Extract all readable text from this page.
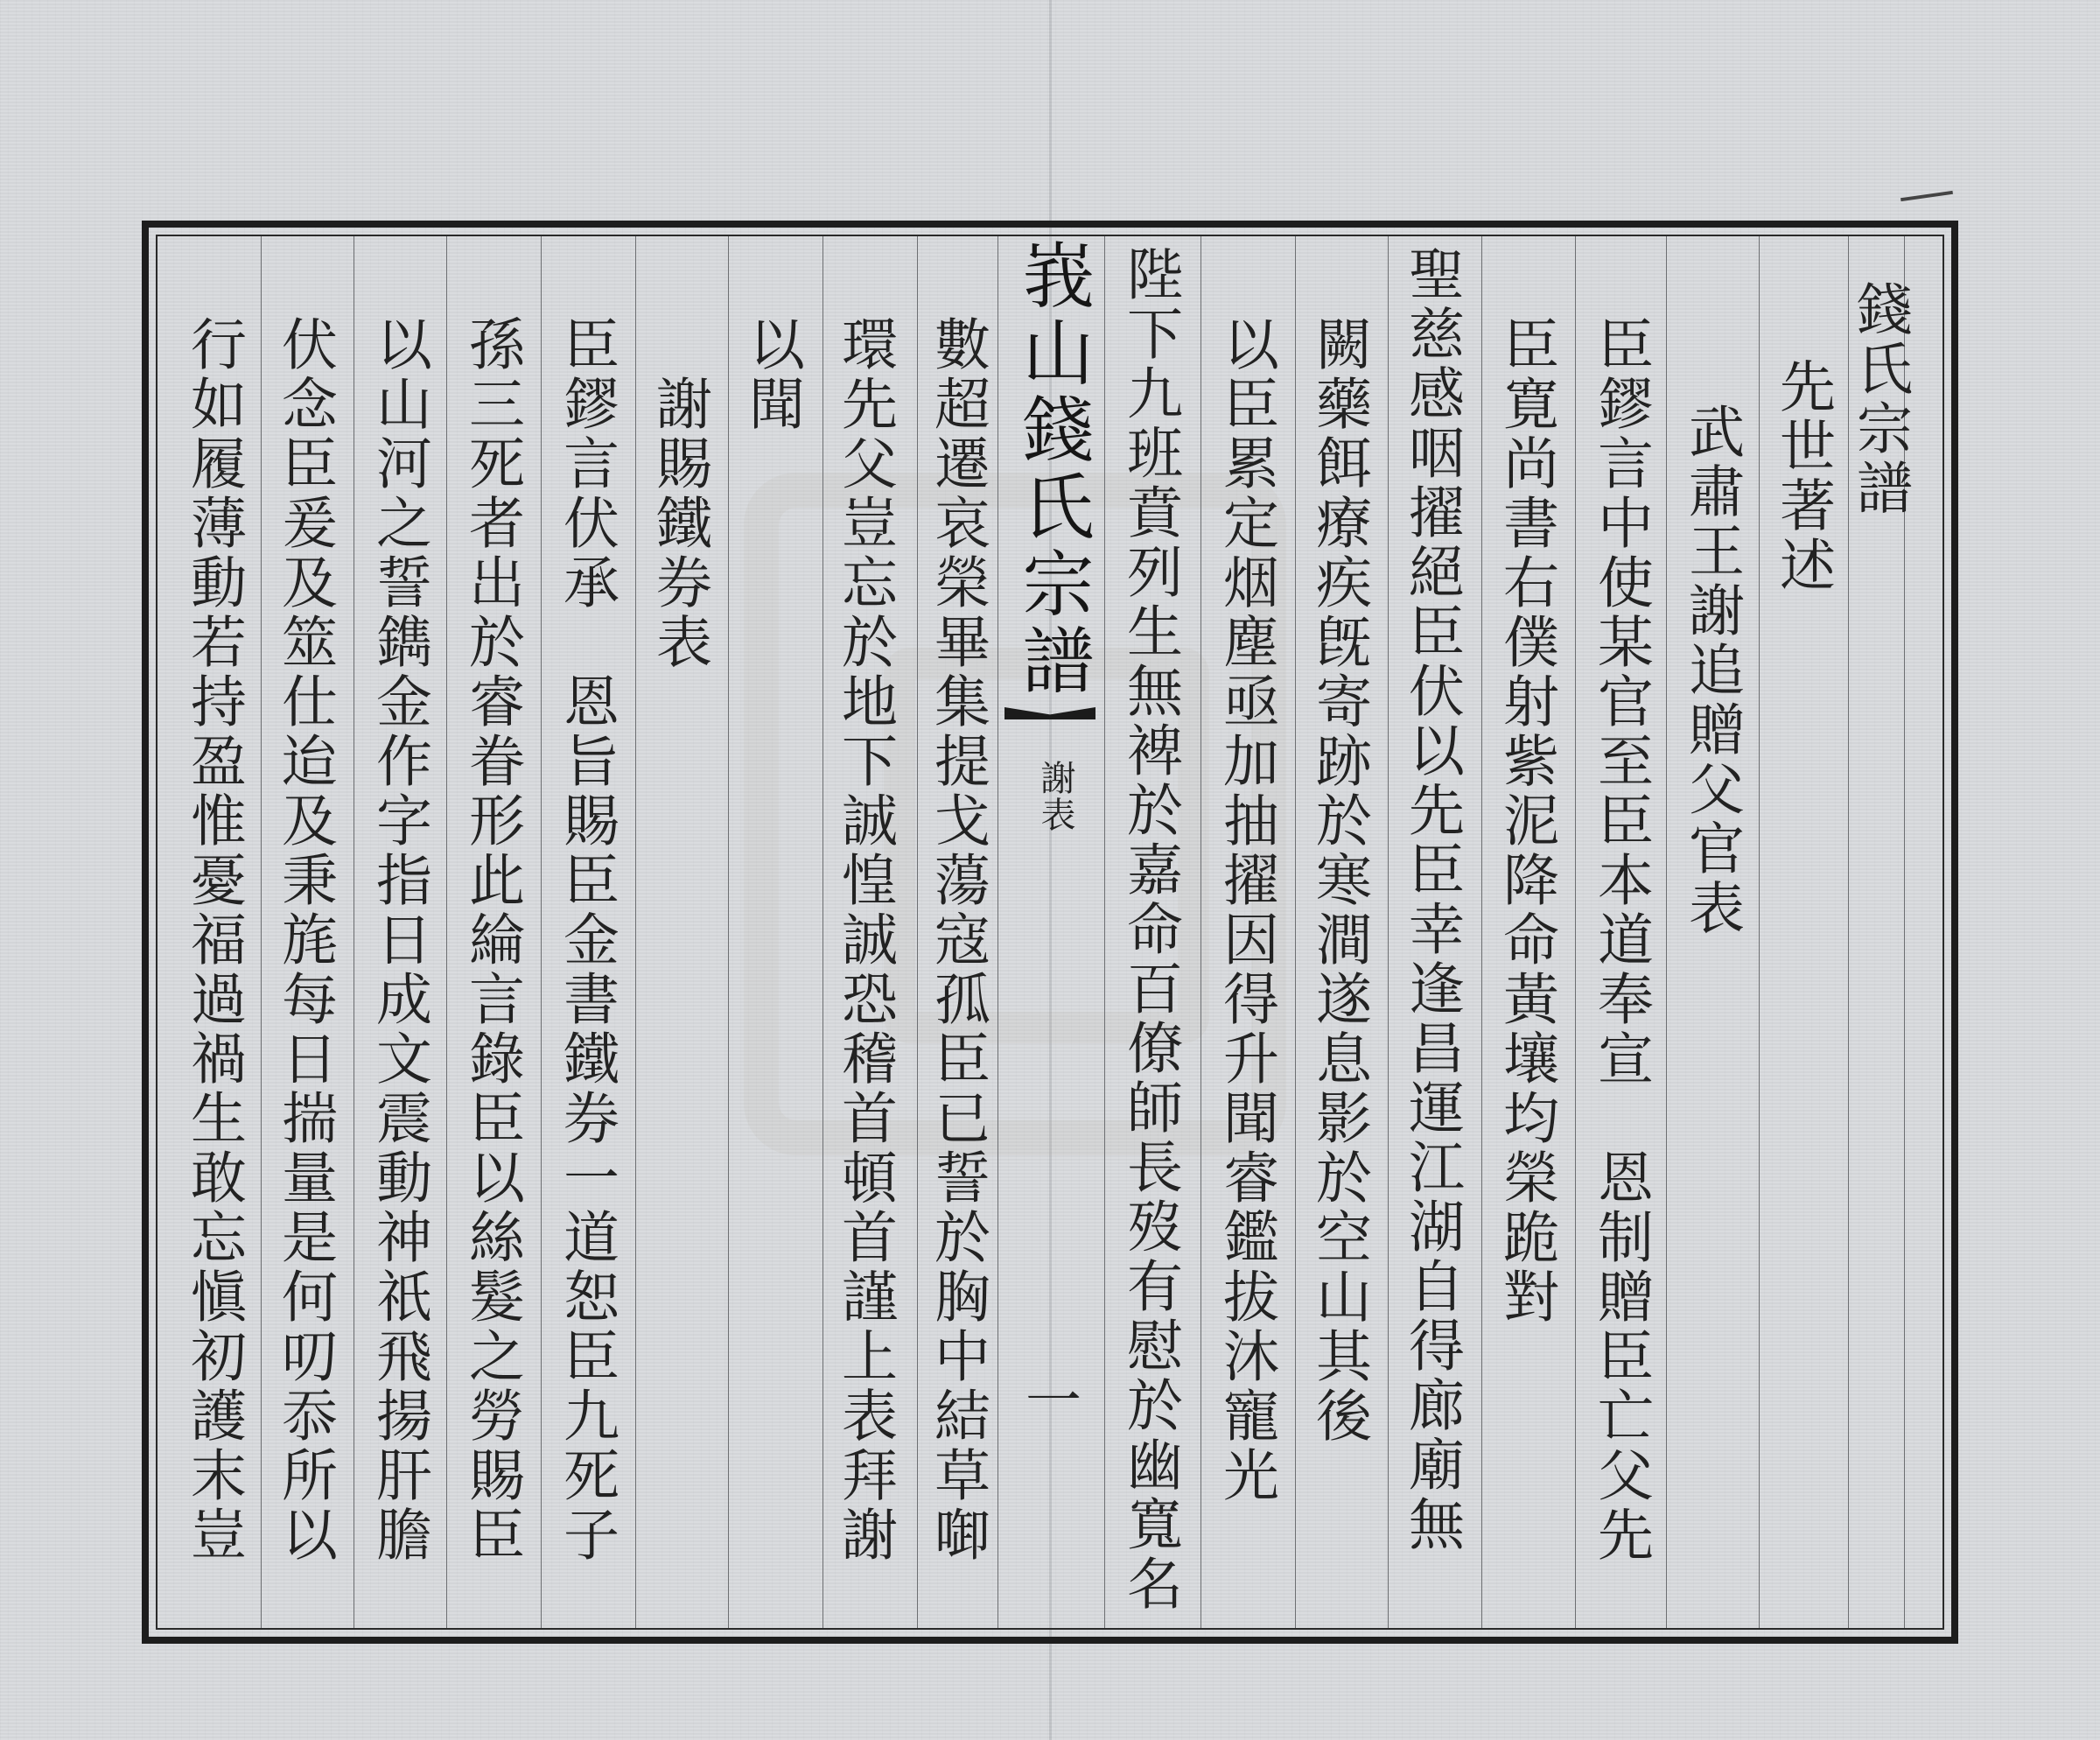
錢氏宗譜
先世著述
武肅王謝追贈父官表
臣鏐言中使某官至臣本道奉宣　恩制贈臣亡父先
臣寛尚書右僕射紫泥降命黃壤均榮跪對
聖慈感咽擢絕臣伏以先臣幸逢昌運江湖自得廊廟無
闕藥餌療疾旣寄跡於寒澗遂息影於空山其後
以臣累定烟塵亟加抽擢因得升聞睿鑑拔沐寵光
陛下九班賁列生無裨於嘉命百僚師長歿有慰於幽寬名
峩山錢氏宗譜
謝表
一
數超遷哀榮畢集提戈蕩寇孤臣已誓於胸中結草啣
環先父豈忘於地下誠惶誠恐稽首頓首謹上表拜謝
以聞
謝賜鐵券表
臣鏐言伏承　恩旨賜臣金書鐵券一道恕臣九死子
孫三死者出於睿眷形此綸言錄臣以絲髮之勞賜臣
以山河之誓鐫金作字指日成文震動神祇飛揚肝膽
伏念臣爰及筮仕迨及秉旄每日揣量是何叨忝所以
行如履薄動若持盈惟憂福過禍生敢忘愼初護末豈
